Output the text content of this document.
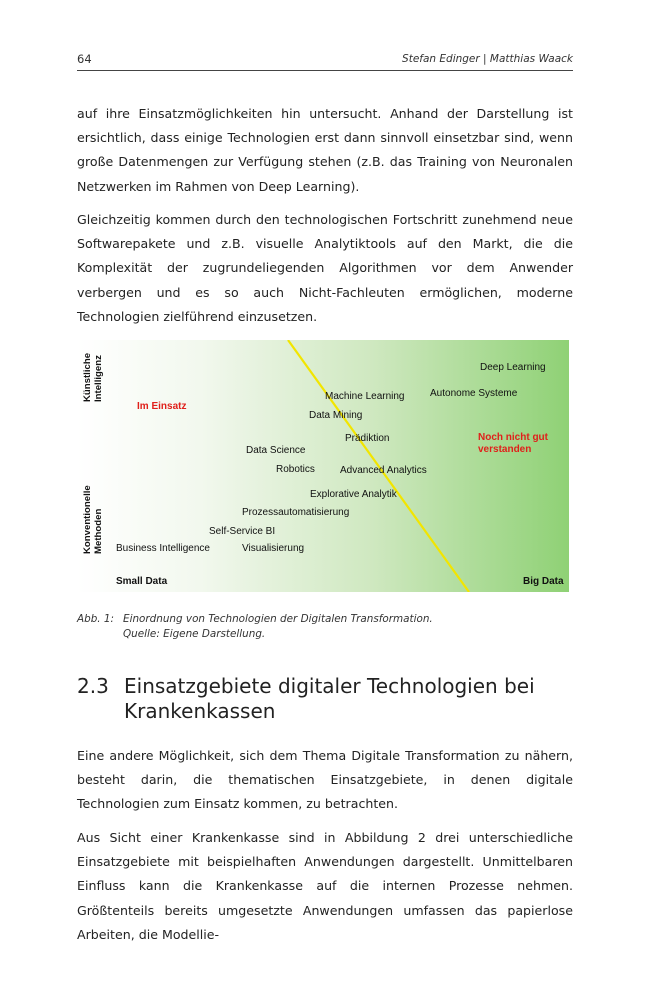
64	Stefan Edinger | Matthias Waack

auf ihre Einsatzmöglichkeiten hin untersucht. Anhand der Darstellung ist ersichtlich, dass einige Technologien erst dann sinnvoll einsetzbar sind, wenn große Datenmengen zur Verfügung stehen (z.B. das Training von Neuronalen Netzwerken im Rahmen von Deep Learning).

Gleichzeitig kommen durch den technologischen Fortschritt zunehmend neue Softwarepakete und z.B. visuelle Analytiktools auf den Markt, die die Komplexität der zugrundeliegenden Algorithmen vor dem Anwender verbergen und es so auch Nicht-Fachleuten ermöglichen, moderne Technologien zielführend einzusetzen.

Künstliche
Intelligenz
Konventionelle
Methoden
Im Einsatz
Noch nicht gut verstanden
Deep Learning
Machine Learning	Autonome Systeme
Data Mining
Prädiktion
Data Science
Robotics	Advanced Analytics
Explorative Analytik
Prozessautomatisierung
Self-Service BI
Business Intelligence	Visualisierung
Small Data	Big Data
Abb. 1: Einordnung von Technologien der Digitalen Transformation.
Quelle: Eigene Darstellung.
2.3 Einsatzgebiete digitaler Technologien bei Krankenkassen

Eine andere Möglichkeit, sich dem Thema Digitale Transformation zu nähern, besteht darin, die thematischen Einsatzgebiete, in denen digitale Technologien zum Einsatz kommen, zu betrachten.

Aus Sicht einer Krankenkasse sind in Abbildung 2 drei unterschiedliche Einsatzgebiete mit beispielhaften Anwendungen dargestellt. Unmittelbaren Einfluss kann die Krankenkasse auf die internen Prozesse nehmen. Größtenteils bereits umgesetzte Anwendungen umfassen das papierlose Arbeiten, die Modellie-
